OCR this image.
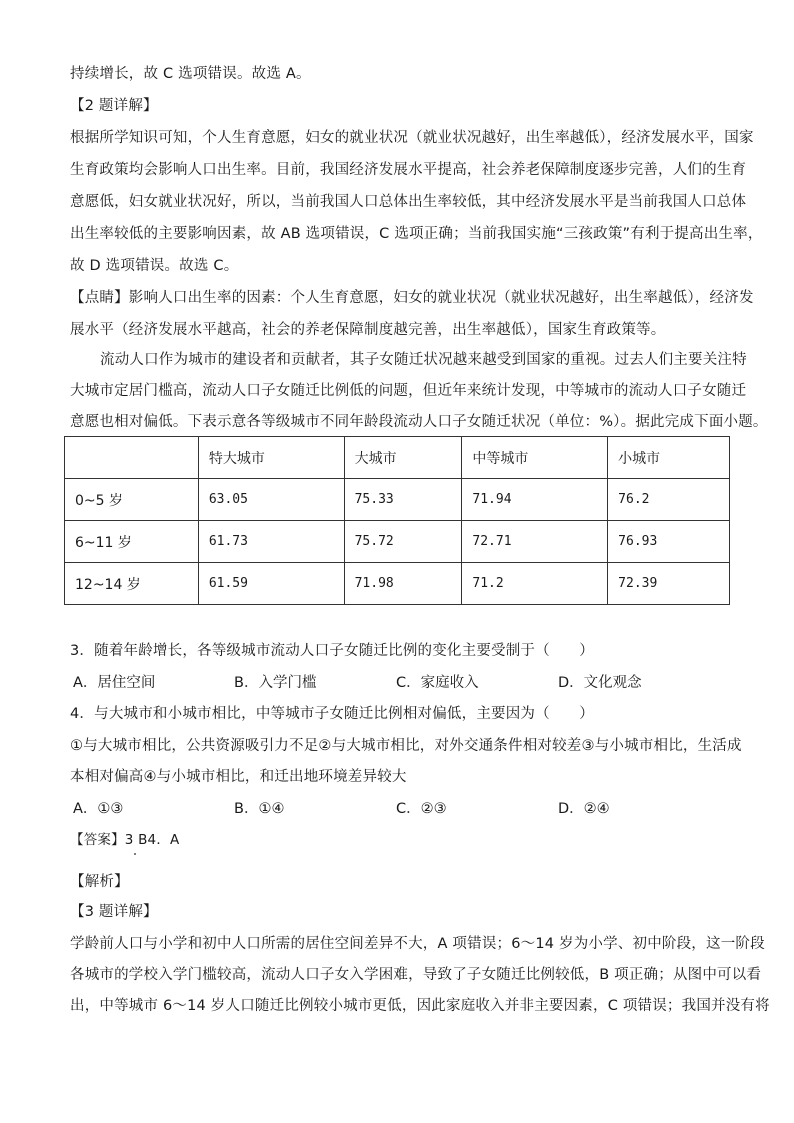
持续增长，故 C 选项错误。故选 A。
【2 题详解】
根据所学知识可知，个人生育意愿，妇女的就业状况（就业状况越好，出生率越低），经济发展水平，国家
生育政策均会影响人口出生率。目前，我国经济发展水平提高，社会养老保障制度逐步完善，人们的生育
意愿低，妇女就业状况好，所以，当前我国人口总体出生率较低，其中经济发展水平是当前我国人口总体
出生率较低的主要影响因素，故 AB 选项错误，C 选项正确；当前我国实施“三孩政策”有利于提高出生率，
故 D 选项错误。故选 C。
【点睛】影响人口出生率的因素：个人生育意愿，妇女的就业状况（就业状况越好，出生率越低），经济发
展水平（经济发展水平越高，社会的养老保障制度越完善，出生率越低），国家生育政策等。
流动人口作为城市的建设者和贡献者，其子女随迁状况越来越受到国家的重视。过去人们主要关注特
大城市定居门槛高，流动人口子女随迁比例低的问题，但近年来统计发现，中等城市的流动人口子女随迁
意愿也相对偏低。下表示意各等级城市不同年龄段流动人口子女随迁状况（单位：%）。据此完成下面小题。
	特大城市	大城市	中等城市	小城市
0~5 岁	63.05	75.33	71.94	76.2
6~11 岁	61.73	75.72	72.71	76.93
12~14 岁	61.59	71.98	71.2	72.39
3．随着年龄增长，各等级城市流动人口子女随迁比例的变化主要受制于（　　）
A．居住空间	B．入学门槛	C．家庭收入	D．文化观念
4．与大城市和小城市相比，中等城市子女随迁比例相对偏低，主要因为（　　）
①与大城市相比，公共资源吸引力不足②与大城市相比，对外交通条件相对较差③与小城市相比，生活成
本相对偏高④与小城市相比，和迁出地环境差异较大
A．①③	B．①④	C．②③	D．②④
【答案】3 B4．A
【解析】
【3 题详解】
学龄前人口与小学和初中人口所需的居住空间差异不大，A 项错误；6～14 岁为小学、初中阶段，这一阶段
各城市的学校入学门槛较高，流动人口子女入学困难，导致了子女随迁比例较低，B 项正确；从图中可以看
出，中等城市 6～14 岁人口随迁比例较小城市更低，因此家庭收入并非主要因素，C 项错误；我国并没有将
